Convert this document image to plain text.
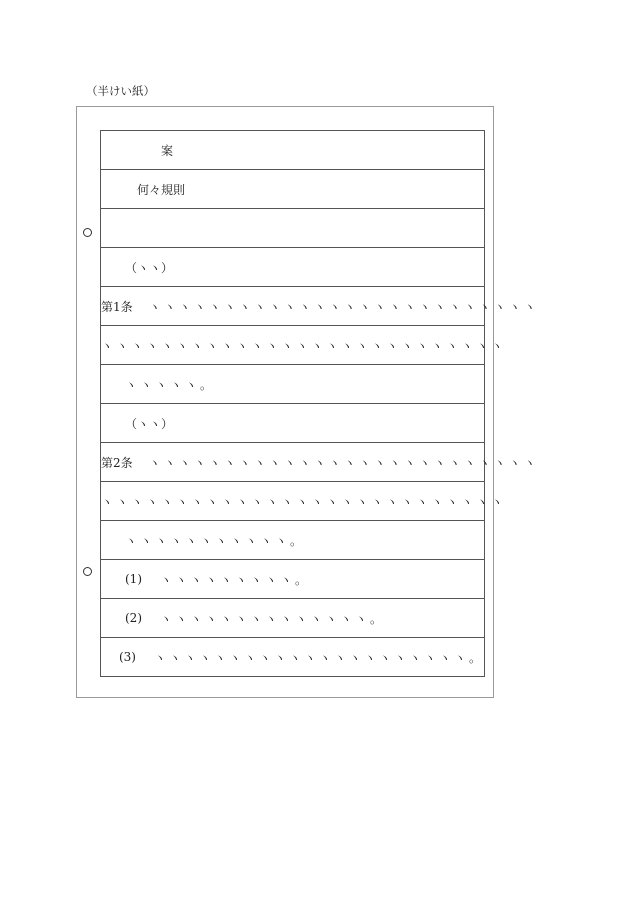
（半けい紙）
案
何々規則
（ヽヽ）
第1条 ヽヽヽヽヽヽヽヽヽヽヽヽヽヽヽヽヽヽヽヽヽヽヽヽヽヽ
ヽヽヽヽヽヽヽヽヽヽヽヽヽヽヽヽヽヽヽヽヽヽヽヽヽヽヽ
ヽヽヽヽヽ。
（ヽヽ）
第2条 ヽヽヽヽヽヽヽヽヽヽヽヽヽヽヽヽヽヽヽヽヽヽヽヽヽヽ
ヽヽヽヽヽヽヽヽヽヽヽヽヽヽヽヽヽヽヽヽヽヽヽヽヽヽヽ
ヽヽヽヽヽヽヽヽヽヽヽ。
(1) ヽヽヽヽヽヽヽヽヽ。
(2) ヽヽヽヽヽヽヽヽヽヽヽヽヽヽ。
(3) ヽヽヽヽヽヽヽヽヽヽヽヽヽヽヽヽヽヽヽヽヽ。
